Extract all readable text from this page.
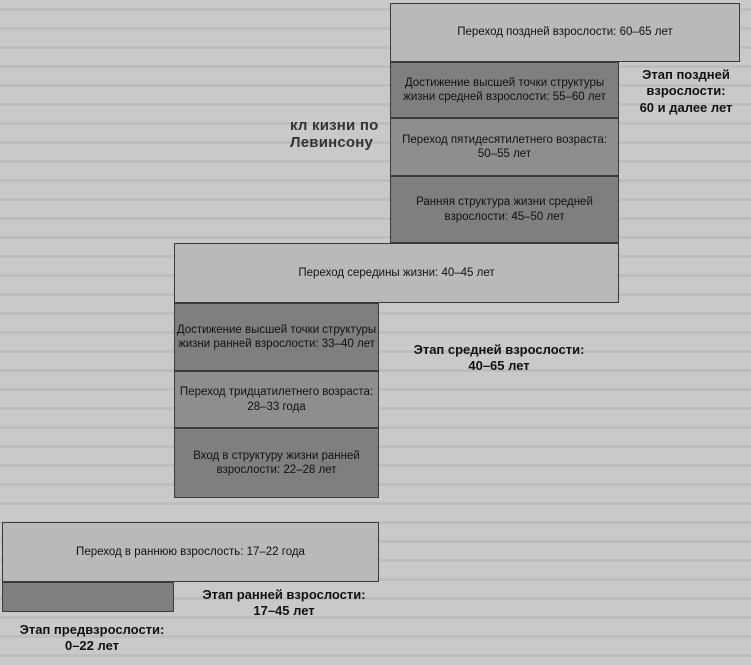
кл кизни по Левинсону
Переход поздней взрослости: 60–65 лет
Достижение высшей точки структуры жизни средней взрослости: 55–60 лет
Переход пятидесятилетнего возраста: 50–55 лет
Ранняя структура жизни средней взрослости: 45–50 лет
Этап поздней
взрослости:
60 и далее лет
Переход середины жизни: 40–45 лет
Достижение высшей точки структуры жизни ранней взрослости: 33–40 лет
Переход тридцатилетнего возраста: 28–33 года
Вход в структуру жизни ранней взрослости: 22–28 лет
Этап средней взрослости:
40–65 лет
Переход в раннюю взрослость: 17–22 года
Этап ранней взрослости:
17–45 лет
Этап предвзрослости:
0–22 лет
